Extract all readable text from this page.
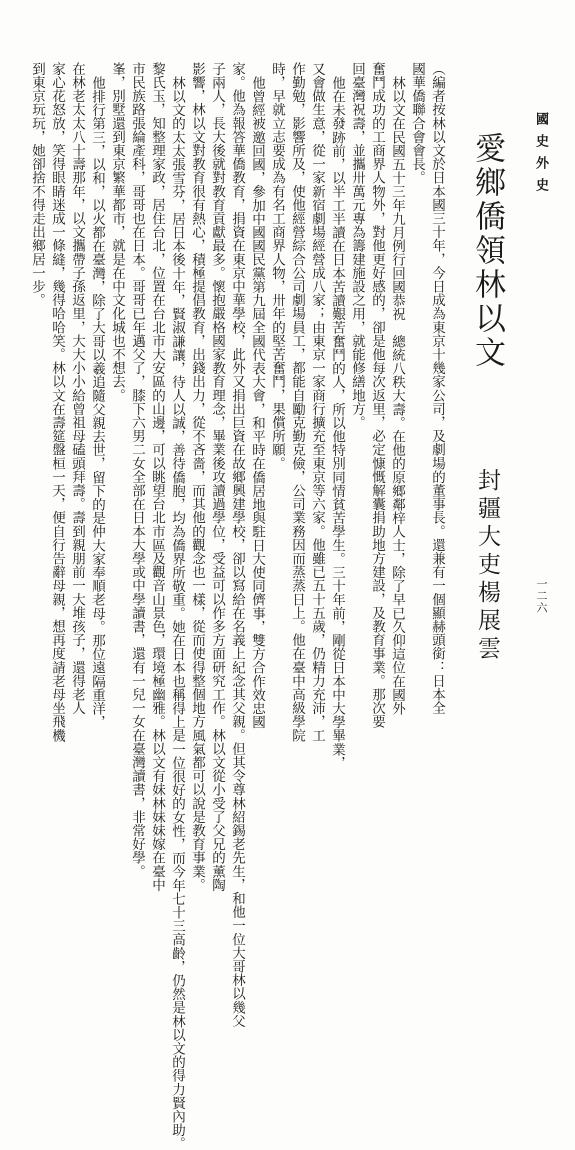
國史外史
一二六
愛鄉僑領林以文
封疆大吏楊展雲
（編者按林以文於日本國三十年，今日成為東京十幾家公司，及劇場的董事長。還兼有一個顯赫頭銜：日本全
國華僑聯合會會長。
林以文在民國五十三年九月例行回國恭祝　總統八秩大壽。在他的原鄉鄰梓人士，除了早已久仰這位在國外
奮鬥成功的工商界人物外，對他更好感的，卻是他每次返里，必定慷慨解囊捐助地方建設，及教育事業。那次要
回臺灣祝壽，並攜卅萬元專為籌建施設之用，就能修繕地方。
他在未發跡前，以半工半讀在日本苦讀艱苦奮鬥的人，所以他特別同情貧苦學生。三十年前，剛從日本中大學畢業，
又會做生意，從一家新宿劇場經營成八家；由東京一家商行擴充至東京等六家。他雖已五十五歲，仍精力充沛，工
作勤勉，影響所及，使他經營綜合公司劇場員工，都能自勵克勤克儉，公司業務因而蒸蒸日上。他在臺中高級學院
時，早就立志要成為有名工商界人物，卅年的堅苦奮鬥，果償所願。
他曾經被邀回國，參加中國國民黨第九屆全國代表大會，和平時在僑居地與駐日大使同儕事，雙方合作效忠國
家。他為報答華僑教育，捐資在東京中華學校，此外又捐出巨資在故鄉興建學校，卻以寫給在名義上紀念其父親。但其令尊林紹錫老先生，和他一位大哥林以幾父
子兩人，長大後就對教育貢獻最多。懷抱嚴格國家教育理念，畢業後攻讀過學位，受益可以作多方面研究工作。林以文從小受了父兄的薰陶
影響，林以文對教育很有熱心，積極提倡教育，出錢出力，從不吝嗇，而其他的觀念也一樣，從而使得整個地方風氣都可以說是教育事業。
林以文的太太張雪芬，居日本後十年，賢淑謙讓，待人以誠，善待僑胞，均為僑界所敬重。她在日本也稱得上是一位很好的女性，而今年七十三高齡，仍然是林以文的得力賢內助。
黎氏玉，知整理家政，居住台北，位置在台北市大安區的山邊，可以眺望台北市區及觀音山景色，環境極幽雅。林以文有妹林妹妹嫁在臺中
市民族路張綸產科，哥哥也在日本。哥哥已年邁父了，膝下六男二女全部在日本大學或中學讀書，還有一兒一女在臺灣讀書，非常好學。
峯，別墅還到東京繁華都市，就是在中文化城也不想去。
他排行第三，以和，以火都在臺灣，除了大哥以羲追隨父親去世，留下的是仲大家奉順老母。那位遠隔重洋，
在林老太太八十壽那年，以文攜帶子孫返里，大大小小給曾祖母磕頭拜壽。壽到親朋前一大堆孩子，還得老人
家心花怒放，笑得眼睛迷成一條縫，幾得哈哈笑。林以文在壽筵盤桓一天，便自行告辭母親，想再度請老母坐飛機
到東京玩玩，她卻捨不得走出鄉居一步。
